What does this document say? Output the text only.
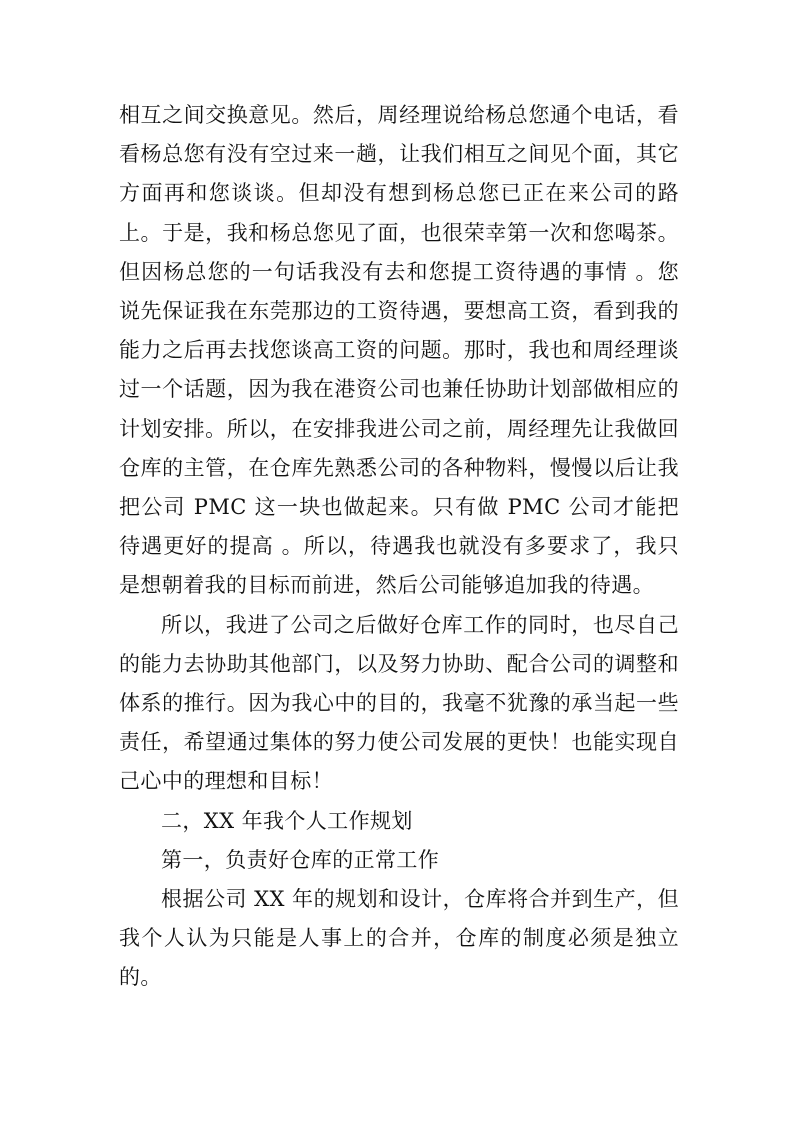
相互之间交换意见。然后，周经理说给杨总您通个电话，看看杨总您有没有空过来一趟，让我们相互之间见个面，其它方面再和您谈谈。但却没有想到杨总您已正在来公司的路上。于是，我和杨总您见了面，也很荣幸第一次和您喝茶。但因杨总您的一句话我没有去和您提工资待遇的事情 。您说先保证我在东莞那边的工资待遇，要想高工资，看到我的能力之后再去找您谈高工资的问题。那时，我也和周经理谈过一个话题，因为我在港资公司也兼任协助计划部做相应的计划安排。所以，在安排我进公司之前，周经理先让我做回仓库的主管，在仓库先熟悉公司的各种物料，慢慢以后让我把公司 PMC 这一块也做起来。只有做 PMC 公司才能把待遇更好的提高 。所以，待遇我也就没有多要求了，我只是想朝着我的目标而前进，然后公司能够追加我的待遇。

所以，我进了公司之后做好仓库工作的同时，也尽自己的能力去协助其他部门，以及努力协助、配合公司的调整和体系的推行。因为我心中的目的，我毫不犹豫的承当起一些责任，希望通过集体的努力使公司发展的更快！也能实现自己心中的理想和目标！

二，XX 年我个人工作规划

第一，负责好仓库的正常工作

根据公司 XX 年的规划和设计，仓库将合并到生产，但我个人认为只能是人事上的合并，仓库的制度必须是独立的。
